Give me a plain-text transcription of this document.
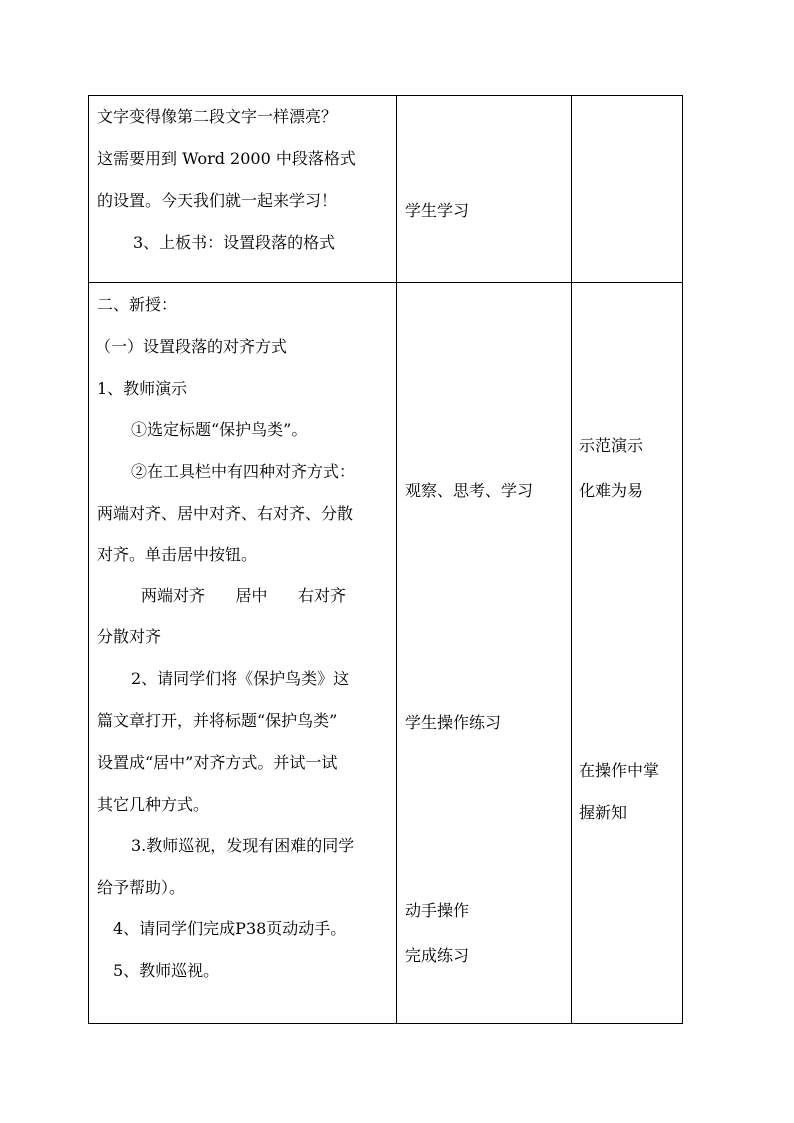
文字变得像第二段文字一样漂亮？
这需要用到 Word 2000 中段落格式
的设置。今天我们就一起来学习！
3、上板书：设置段落的格式
学生学习
二、新授：
（一）设置段落的对齐方式
1、教师演示
①选定标题“保护鸟类”。
②在工具栏中有四种对齐方式：
两端对齐、居中对齐、右对齐、分散
对齐。单击居中按钮。
两端对齐      居中      右对齐
分散对齐
2、请同学们将《保护鸟类》这
篇文章打开，并将标题“保护鸟类”
设置成“居中”对齐方式。并试一试
其它几种方式。
3.教师巡视，发现有困难的同学
给予帮助）。
4、请同学们完成P38页动动手。
5、教师巡视。
观察、思考、学习
学生操作练习
动手操作
完成练习
示范演示
化难为易
在操作中掌
握新知
